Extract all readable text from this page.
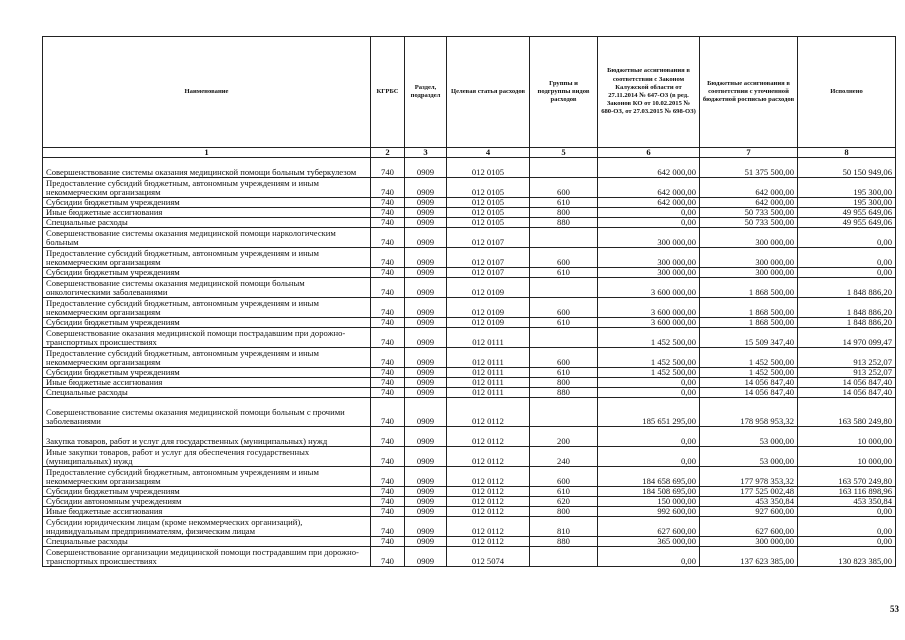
Наименование	КГРБС	Раздел, подраздел	Целевая статья расходов	Группы и подгруппы видов расходов	Бюджетные ассигнования в соответствии с Законом Калужской области от 27.11.2014 № 647-ОЗ (в ред. Законов КО от 10.02.2015 № 680-ОЗ, от 27.03.2015 № 698-ОЗ)	Бюджетные ассигнования в соответствии с уточненной бюджетной росписью расходов	Исполнено
1	2	3	4	5	6	7	8
Совершенствование системы оказания медицинской помощи больным туберкулезом	740	0909	012 0105		642 000,00	51 375 500,00	50 150 949,06
Предоставление субсидий бюджетным, автономным учреждениям и иным некоммерческим организациям	740	0909	012 0105	600	642 000,00	642 000,00	195 300,00
Субсидии бюджетным учреждениям	740	0909	012 0105	610	642 000,00	642 000,00	195 300,00
Иные бюджетные ассигнования	740	0909	012 0105	800	0,00	50 733 500,00	49 955 649,06
Специальные расходы	740	0909	012 0105	880	0,00	50 733 500,00	49 955 649,06
Совершенствование системы оказания медицинской помощи наркологическим больным	740	0909	012 0107		300 000,00	300 000,00	0,00
Предоставление субсидий бюджетным, автономным учреждениям и иным некоммерческим организациям	740	0909	012 0107	600	300 000,00	300 000,00	0,00
Субсидии бюджетным учреждениям	740	0909	012 0107	610	300 000,00	300 000,00	0,00
Совершенствование системы оказания медицинской помощи больным онкологическими заболеваниями	740	0909	012 0109		3 600 000,00	1 868 500,00	1 848 886,20
Предоставление субсидий бюджетным, автономным учреждениям и иным некоммерческим организациям	740	0909	012 0109	600	3 600 000,00	1 868 500,00	1 848 886,20
Субсидии бюджетным учреждениям	740	0909	012 0109	610	3 600 000,00	1 868 500,00	1 848 886,20
Совершенствование оказания медицинской помощи пострадавшим при дорожно-транспортных происшествиях	740	0909	012 0111		1 452 500,00	15 509 347,40	14 970 099,47
Предоставление субсидий бюджетным, автономным учреждениям и иным некоммерческим организациям	740	0909	012 0111	600	1 452 500,00	1 452 500,00	913 252,07
Субсидии бюджетным учреждениям	740	0909	012 0111	610	1 452 500,00	1 452 500,00	913 252,07
Иные бюджетные ассигнования	740	0909	012 0111	800	0,00	14 056 847,40	14 056 847,40
Специальные расходы	740	0909	012 0111	880	0,00	14 056 847,40	14 056 847,40
Совершенствование системы оказания медицинской помощи больным с прочими заболеваниями	740	0909	012 0112		185 651 295,00	178 958 953,32	163 580 249,80
Закупка товаров, работ и услуг для государственных (муниципальных) нужд	740	0909	012 0112	200	0,00	53 000,00	10 000,00
Иные закупки товаров, работ и услуг для обеспечения государственных (муниципальных) нужд	740	0909	012 0112	240	0,00	53 000,00	10 000,00
Предоставление субсидий бюджетным, автономным учреждениям и иным некоммерческим организациям	740	0909	012 0112	600	184 658 695,00	177 978 353,32	163 570 249,80
Субсидии бюджетным учреждениям	740	0909	012 0112	610	184 508 695,00	177 525 002,48	163 116 898,96
Субсидии автономным учреждениям	740	0909	012 0112	620	150 000,00	453 350,84	453 350,84
Иные бюджетные ассигнования	740	0909	012 0112	800	992 600,00	927 600,00	0,00
Субсидии юридическим лицам (кроме некоммерческих организаций), индивидуальным предпринимателям, физическим лицам	740	0909	012 0112	810	627 600,00	627 600,00	0,00
Специальные расходы	740	0909	012 0112	880	365 000,00	300 000,00	0,00
Совершенствование организации медицинской помощи пострадавшим при дорожно-транспортных происшествиях	740	0909	012 5074		0,00	137 623 385,00	130 823 385,00
53
